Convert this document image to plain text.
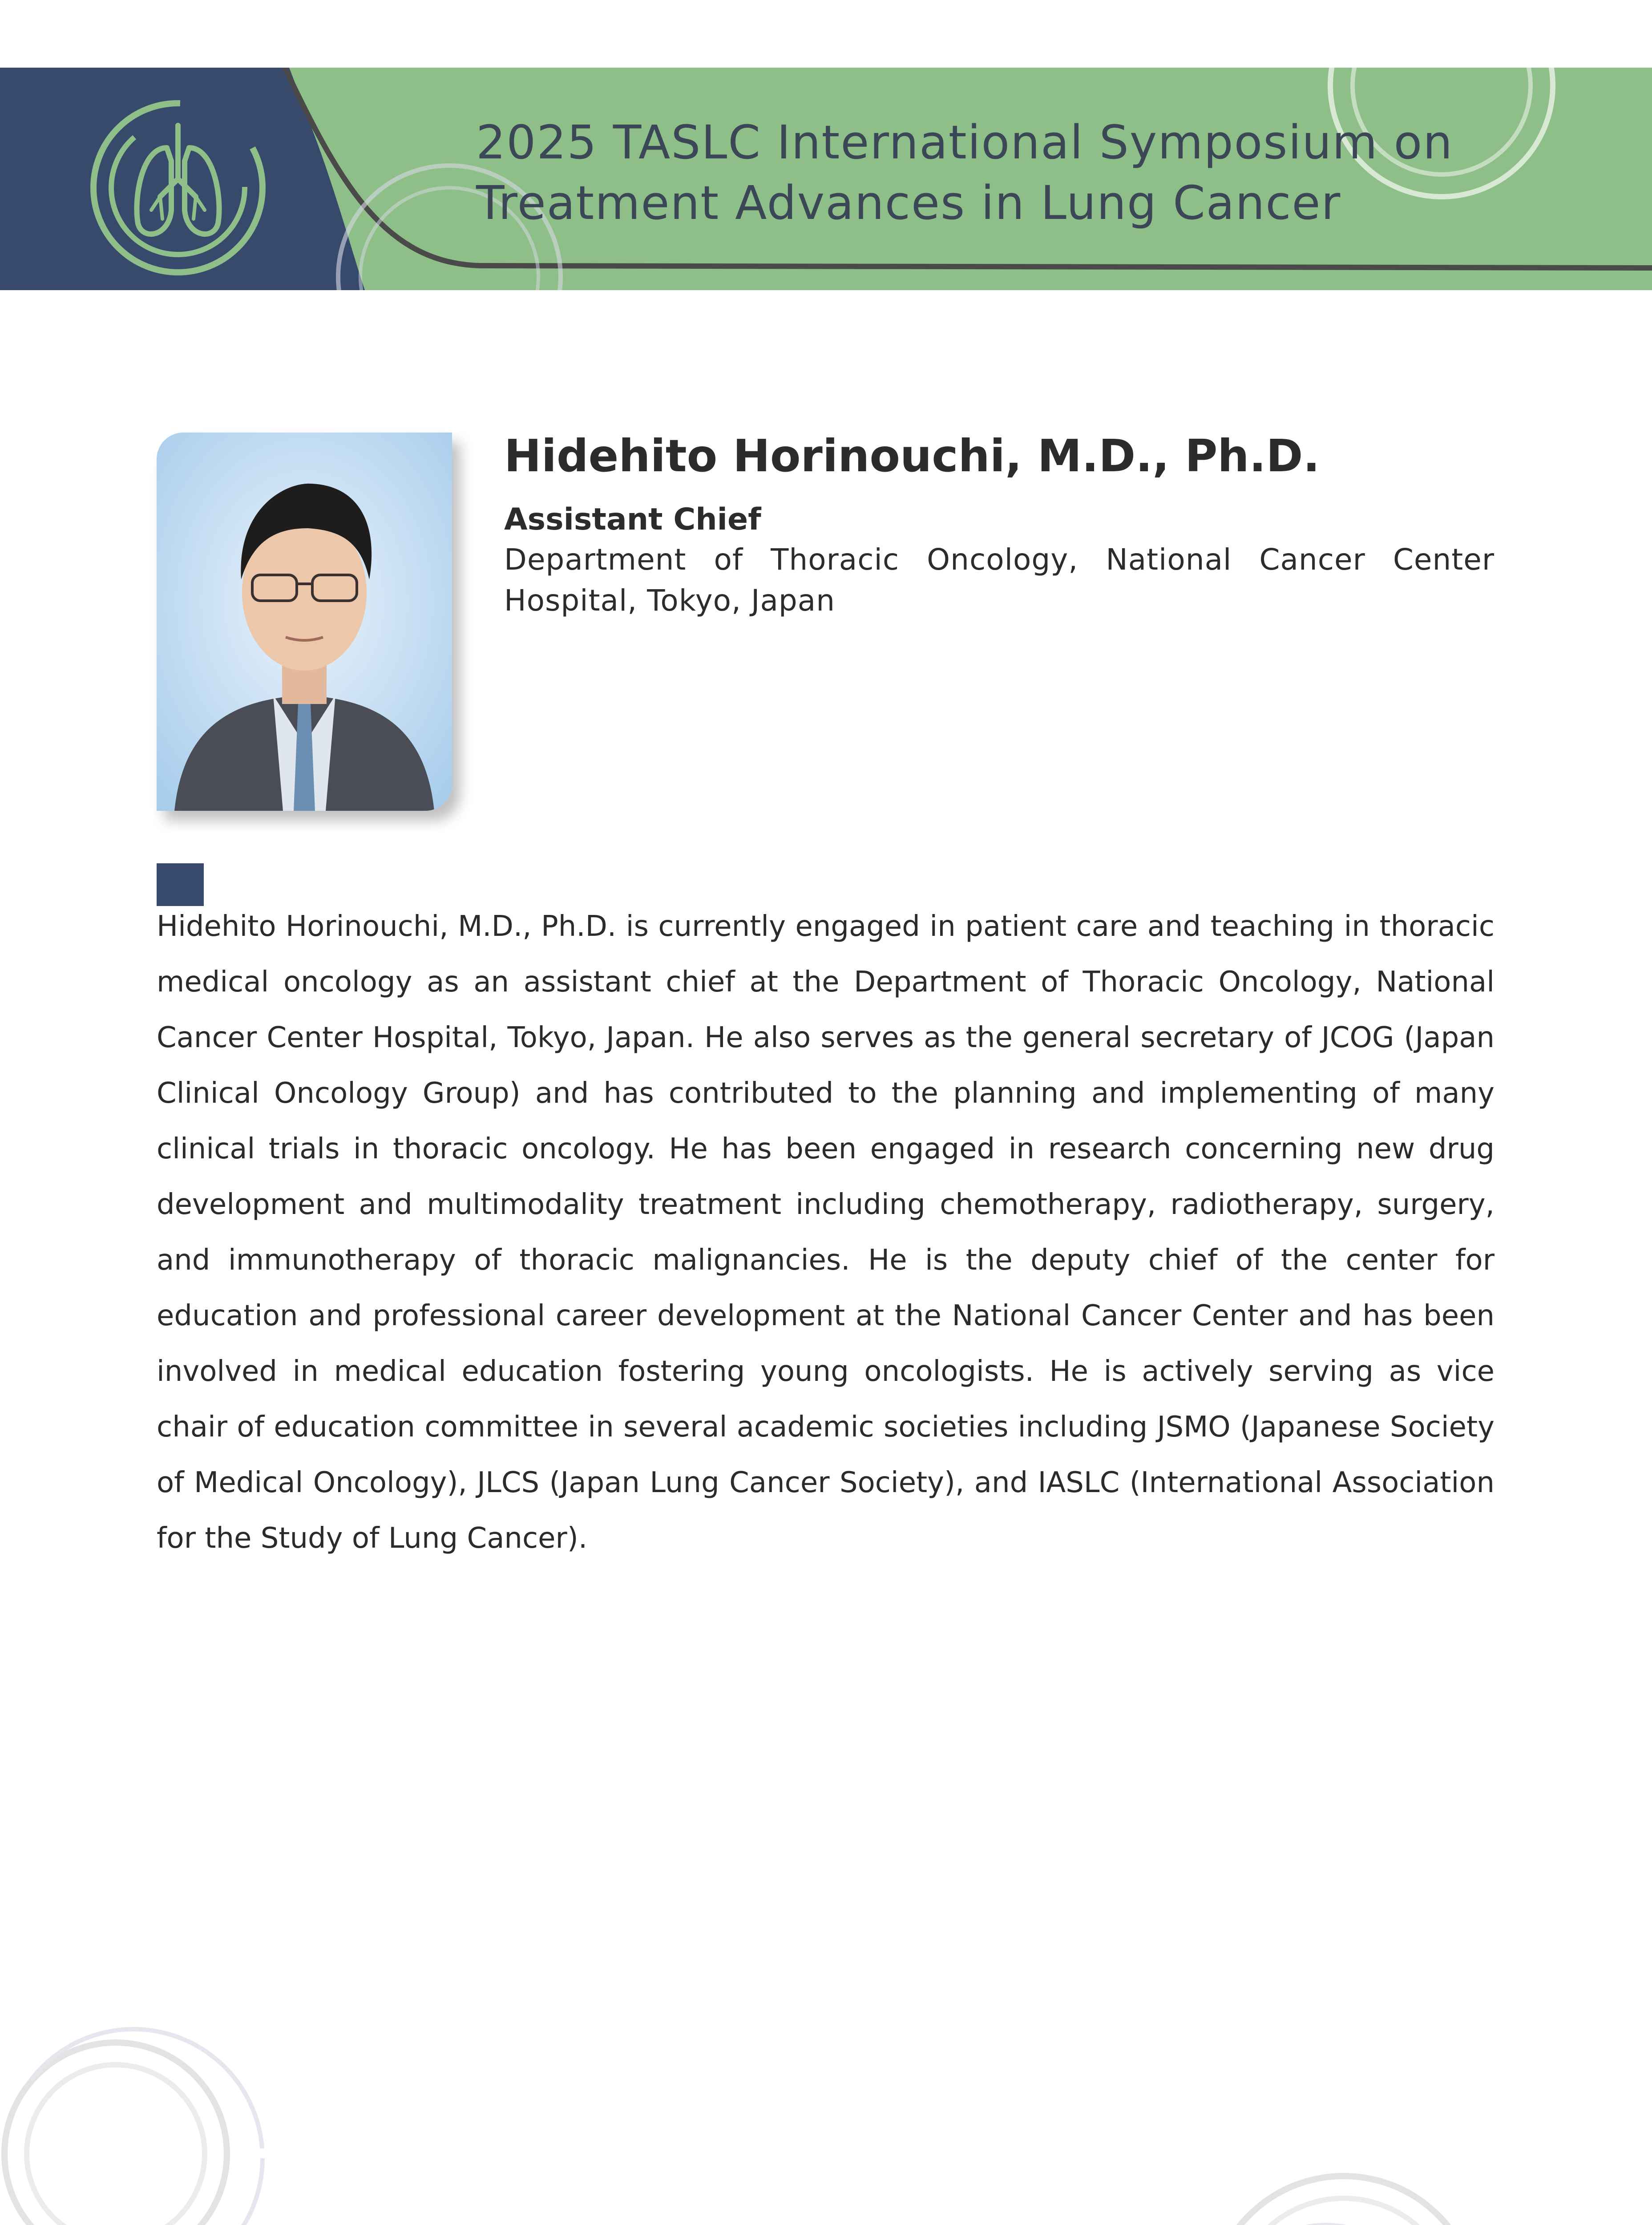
2025 TASLC International Symposium on
Treatment Advances in Lung Cancer
Hidehito Horinouchi, M.D., Ph.D.
Assistant Chief
Department of Thoracic Oncology, National Cancer Center Hospital, Tokyo, Japan

Hidehito Horinouchi, M.D., Ph.D. is currently engaged in patient care and teaching in thoracic medical oncology as an assistant chief at the Department of Thoracic Oncology, National Cancer Center Hospital, Tokyo, Japan. He also serves as the general secretary of JCOG (Japan Clinical Oncology Group) and has contributed to the planning and implementing of many clinical trials in thoracic oncology. He has been engaged in research concerning new drug development and multimodality treatment including chemotherapy, radiotherapy, surgery, and immunotherapy of thoracic malignancies. He is the deputy chief of the center for education and professional career development at the National Cancer Center and has been involved in medical education fostering young oncologists. He is actively serving as vice chair of education committee in several academic societies including JSMO (Japanese Society of Medical Oncology), JLCS (Japan Lung Cancer Society), and IASLC (International Association for the Study of Lung Cancer).
